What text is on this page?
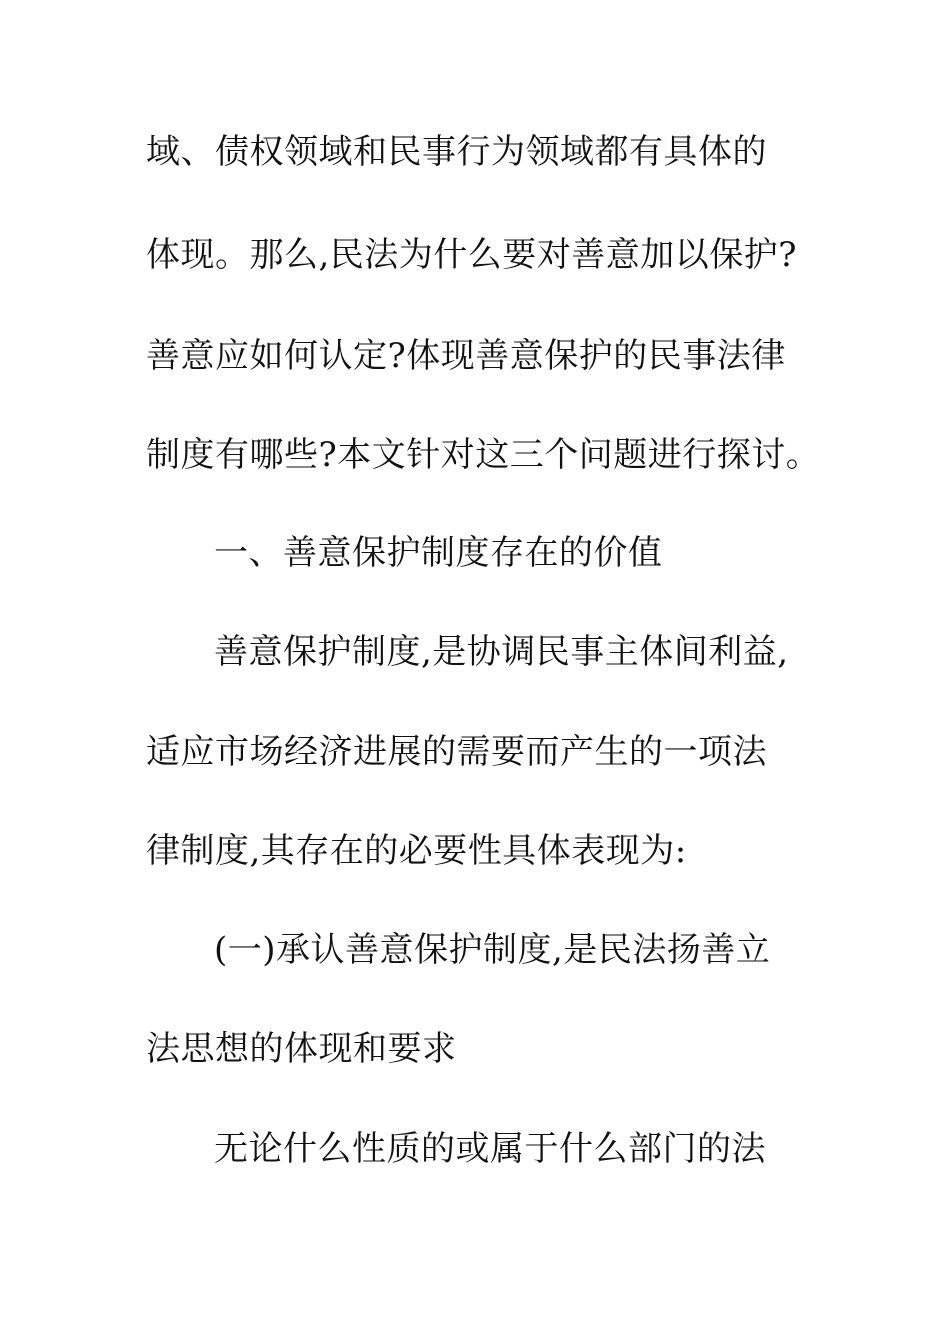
域、债权领域和民事行为领域都有具体的
体现。那么,民法为什么要对善意加以保护?
善意应如何认定?体现善意保护的民事法律
制度有哪些?本文针对这三个问题进行探讨。
一、善意保护制度存在的价值
善意保护制度,是协调民事主体间利益,
适应市场经济进展的需要而产生的一项法
律制度,其存在的必要性具体表现为:
(一)承认善意保护制度,是民法扬善立
法思想的体现和要求
无论什么性质的或属于什么部门的法
